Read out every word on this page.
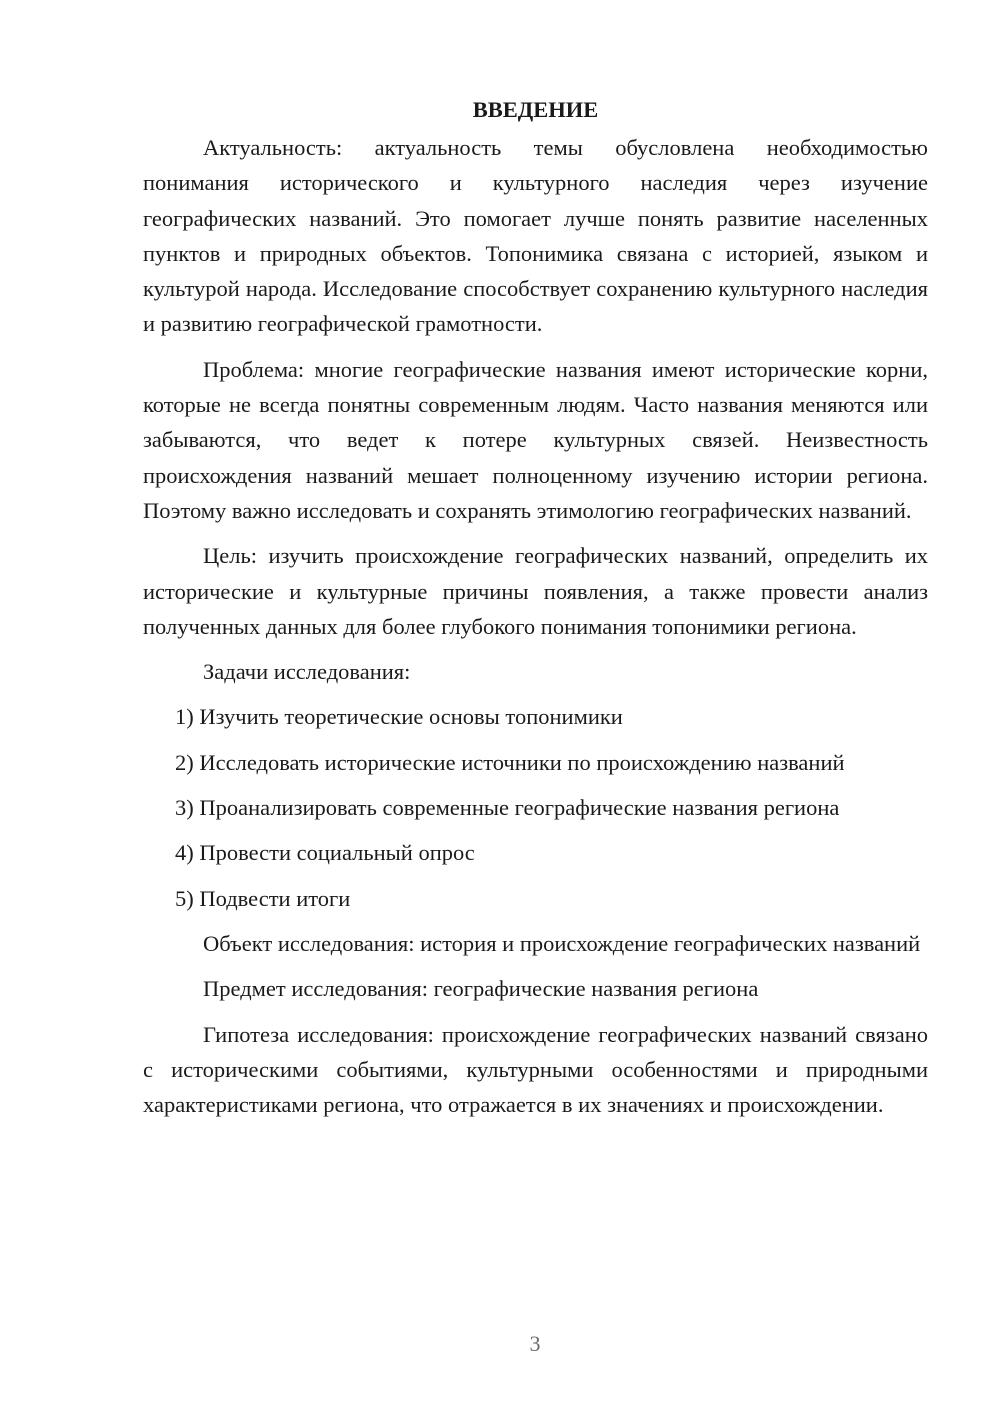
ВВЕДЕНИЕ

Актуальность: актуальность темы обусловлена необходимостью понимания исторического и культурного наследия через изучение географических названий. Это помогает лучше понять развитие населенных пунктов и природных объектов. Топонимика связана с историей, языком и культурой народа. Исследование способствует сохранению культурного наследия и развитию географической грамотности.

Проблема: многие географические названия имеют исторические корни, которые не всегда понятны современным людям. Часто названия меняются или забываются, что ведет к потере культурных связей. Неизвестность происхождения названий мешает полноценному изучению истории региона. Поэтому важно исследовать и сохранять этимологию географических названий.

Цель: изучить происхождение географических названий, определить их исторические и культурные причины появления, а также провести анализ полученных данных для более глубокого понимания топонимики региона.

Задачи исследования:

1) Изучить теоретические основы топонимики

2) Исследовать исторические источники по происхождению названий

3) Проанализировать современные географические названия региона

4) Провести социальный опрос

5) Подвести итоги

Объект исследования: история и происхождение географических названий

Предмет исследования: географические названия региона

Гипотеза исследования: происхождение географических названий связано с историческими событиями, культурными особенностями и природными характеристиками региона, что отражается в их значениях и происхождении.

3
